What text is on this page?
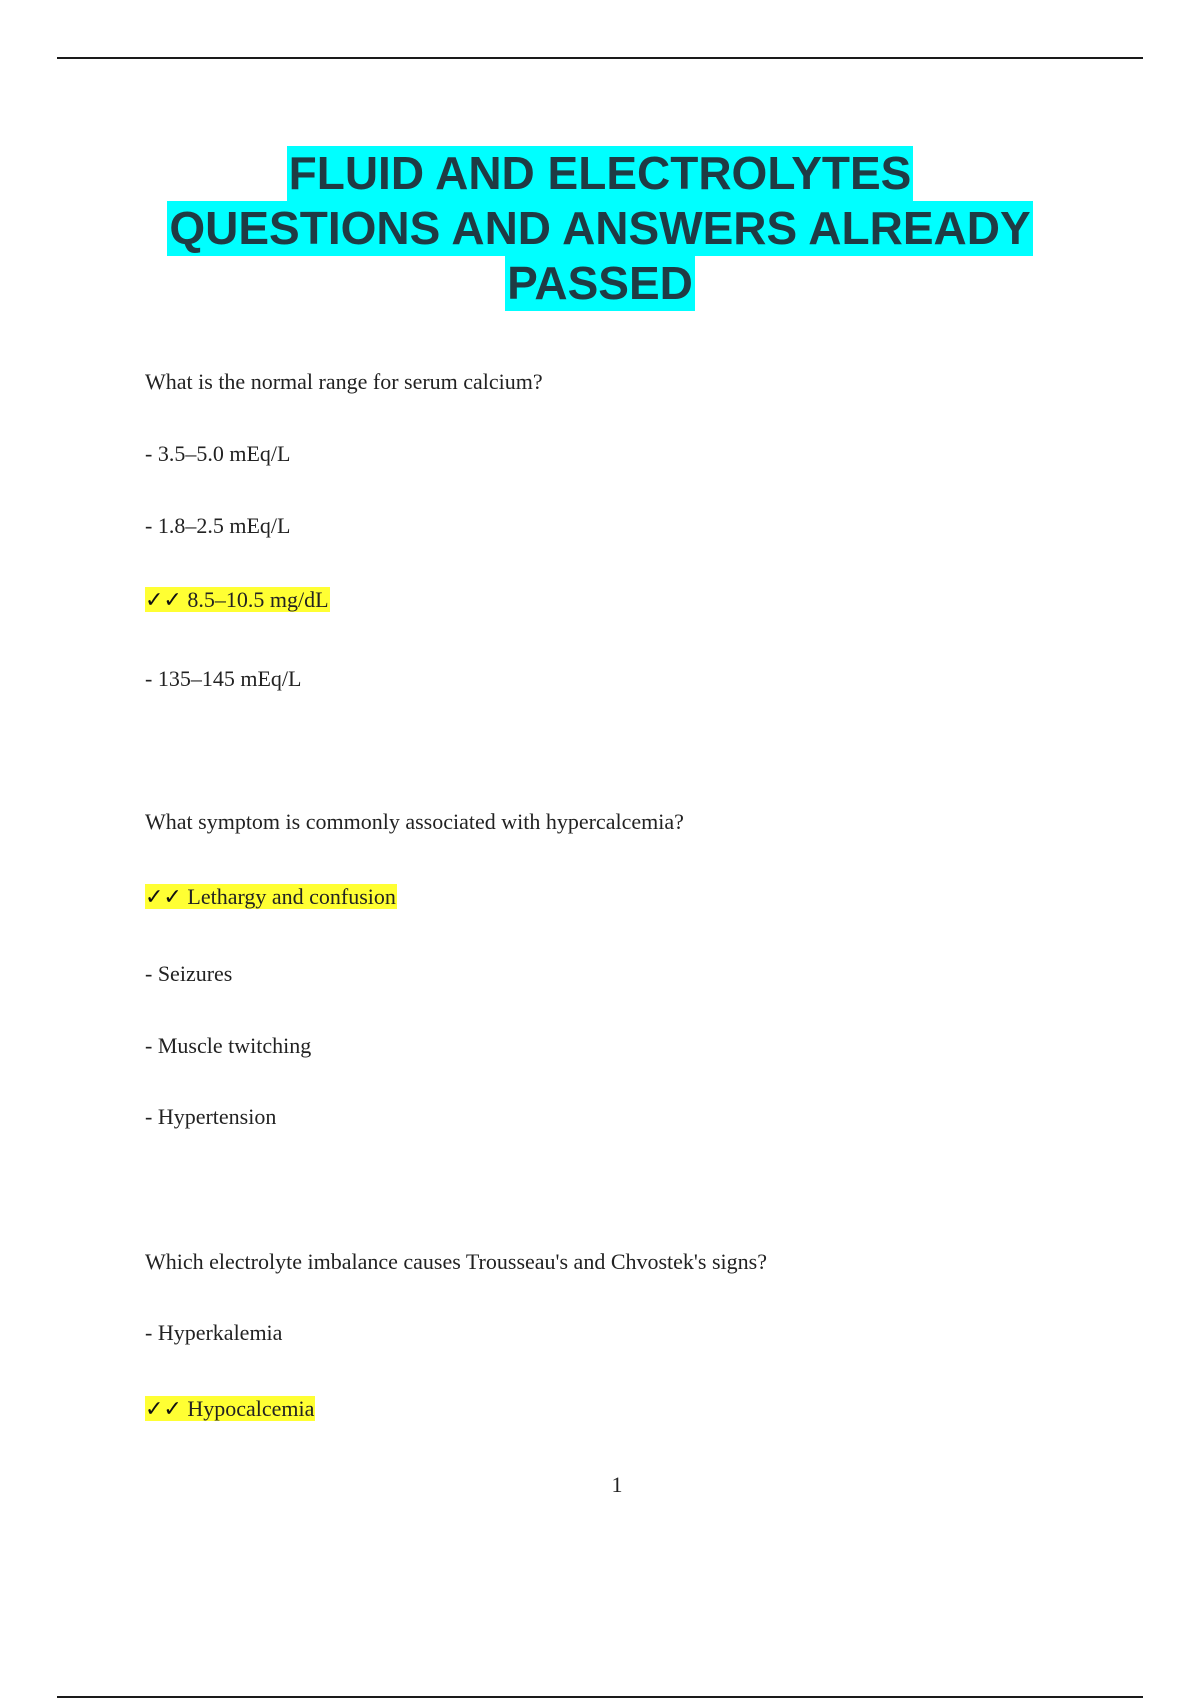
FLUID AND ELECTROLYTES
QUESTIONS AND ANSWERS ALREADY
PASSED
What is the normal range for serum calcium?
- 3.5–5.0 mEq/L
- 1.8–2.5 mEq/L
✓✓ 8.5–10.5 mg/dL
- 135–145 mEq/L
What symptom is commonly associated with hypercalcemia?
✓✓ Lethargy and confusion
- Seizures
- Muscle twitching
- Hypertension
Which electrolyte imbalance causes Trousseau's and Chvostek's signs?
- Hyperkalemia
✓✓ Hypocalcemia
1
